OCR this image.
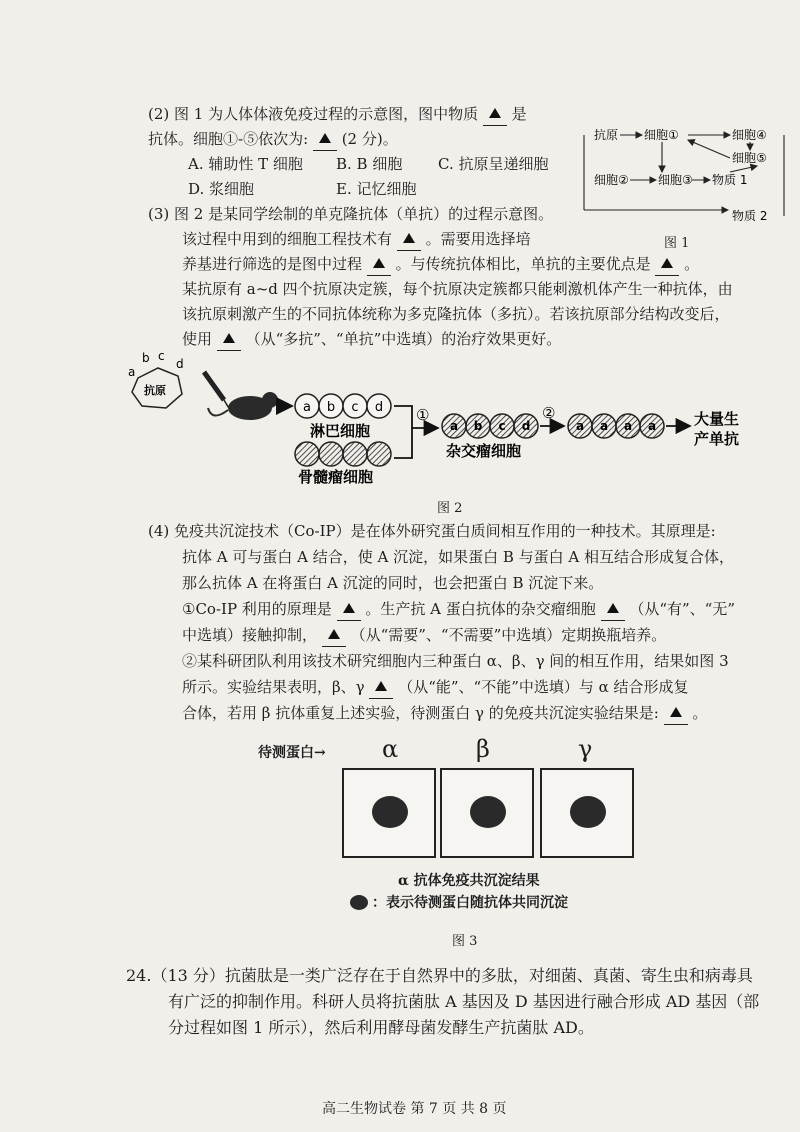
(2) 图 1 为人体体液免疫过程的示意图，图中物质 是
抗体。细胞①-⑤依次为: (2 分)。
A. 辅助性 T 细胞 B. B 细胞 C. 抗原呈递细胞
D. 浆细胞	E. 记忆细胞
抗原 细胞①	细胞④
细胞⑤
细胞② 细胞③ 物质 1
物质 2
图 1
(3) 图 2 是某同学绘制的单克隆抗体（单抗）的过程示意图。
该过程中用到的细胞工程技术有 。需要用选择培
养基进行筛选的是图中过程 。与传统抗体相比，单抗的主要优点是 。
某抗原有 a~d 四个抗原决定簇，每个抗原决定簇都只能刺激机体产生一种抗体，由
该抗原刺激产生的不同抗体统称为多克隆抗体（多抗）。若该抗原部分结构改变后，
使用 （从“多抗”、“单抗”中选填）的治疗效果更好。
抗原
a
b c
d
a b c d
淋巴细胞
骨髓瘤细胞
①
a b c d
杂交瘤细胞
②
a a a a	大量生
产单抗
图 2
(4) 免疫共沉淀技术（Co-IP）是在体外研究蛋白质间相互作用的一种技术。其原理是:
抗体 A 可与蛋白 A 结合，使 A 沉淀，如果蛋白 B 与蛋白 A 相互结合形成复合体，
那么抗体 A 在将蛋白 A 沉淀的同时，也会把蛋白 B 沉淀下来。
①Co-IP 利用的原理是 。生产抗 A 蛋白抗体的杂交瘤细胞 （从“有”、“无”
中选填）接触抑制， （从“需要”、“不需要”中选填）定期换瓶培养。
②某科研团队利用该技术研究细胞内三种蛋白 α、β、γ 间的相互作用，结果如图 3
所示。实验结果表明，β、γ （从“能”、“不能”中选填）与 α 结合形成复
合体，若用 β 抗体重复上述实验，待测蛋白 γ 的免疫共沉淀实验结果是: 。
待测蛋白→ α	β	γ
α 抗体免疫共沉淀结果
：表示待测蛋白随抗体共同沉淀
图 3
24.（13 分）抗菌肽是一类广泛存在于自然界中的多肽，对细菌、真菌、寄生虫和病毒具
有广泛的抑制作用。科研人员将抗菌肽 A 基因及 D 基因进行融合形成 AD 基因（部
分过程如图 1 所示），然后利用酵母菌发酵生产抗菌肽 AD。
高二生物试卷 第 7 页 共 8 页
